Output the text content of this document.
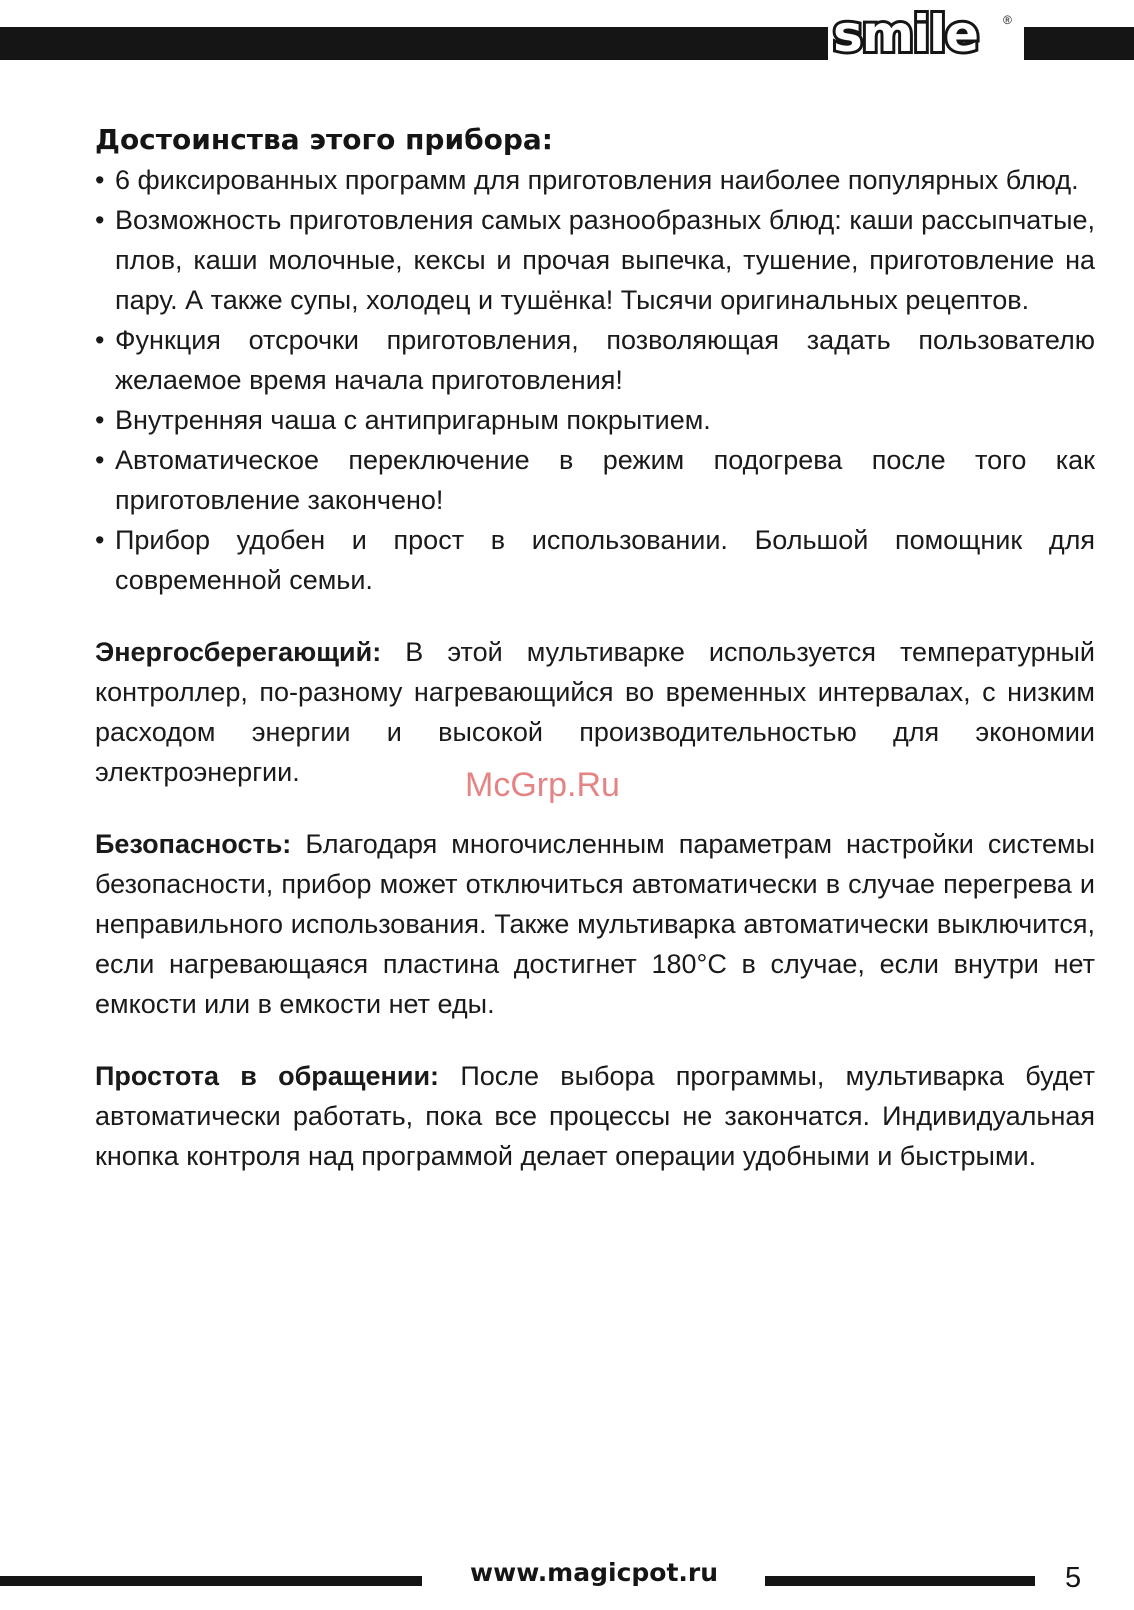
smile ®
Достоинства этого прибора:
• 6 фиксированных программ для приготовления наиболее популярных блюд.
• Возможность приготовления самых разнообразных блюд: каши рассыпчатые, плов, каши молочные, кексы и прочая выпечка, тушение, приготовление на пару. А также супы, холодец и тушёнка! Тысячи оригинальных рецептов.
• Функция отсрочки приготовления, позволяющая задать пользователю желаемое время начала приготовления!
• Внутренняя чаша с антипригарным покрытием.
• Автоматическое переключение в режим подогрева после того как приготовление закончено!
• Прибор удобен и прост в использовании. Большой помощник для современной семьи.

Энергосберегающий: В этой мультиварке используется температурный контроллер, по-разному нагревающийся во временных интервалах, с низким расходом энергии и высокой производительностью для экономии электроэнергии.

Безопасность: Благодаря многочисленным параметрам настройки системы безопасности, прибор может отключиться автоматически в случае перегрева и неправильного использования. Также мультиварка автоматически выключится, если нагревающаяся пластина достигнет 180°C в случае, если внутри нет емкости или в емкости нет еды.

Простота в обращении: После выбора программы, мультиварка будет автоматически работать, пока все процессы не закончатся. Индивидуальная кнопка контроля над программой делает операции удобными и быстрыми.

McGrp.Ru
www.magicpot.ru	5
